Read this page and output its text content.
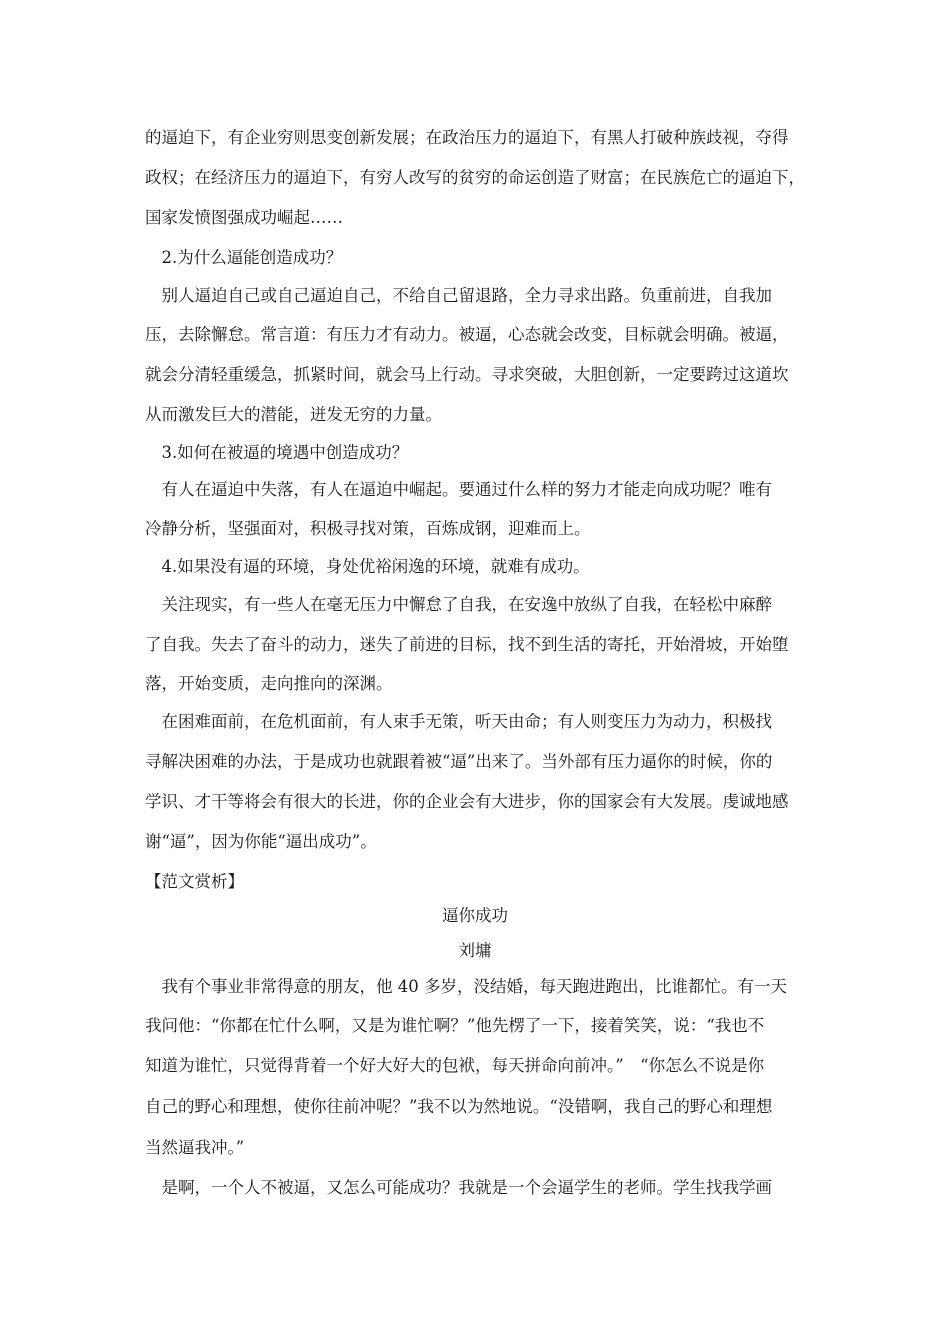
的逼迫下，有企业穷则思变创新发展；在政治压力的逼迫下，有黑人打破种族歧视，夺得
政权；在经济压力的逼迫下，有穷人改写的贫穷的命运创造了财富；在民族危亡的逼迫下，
国家发愤图强成功崛起……
　2.为什么逼能创造成功？
　别人逼迫自己或自己逼迫自己，不给自己留退路，全力寻求出路。负重前进，自我加
压，去除懈怠。常言道：有压力才有动力。被逼，心态就会改变，目标就会明确。被逼，
就会分清轻重缓急，抓紧时间，就会马上行动。寻求突破，大胆创新，一定要跨过这道坎
从而激发巨大的潜能，迸发无穷的力量。
　3.如何在被逼的境遇中创造成功？
　有人在逼迫中失落，有人在逼迫中崛起。要通过什么样的努力才能走向成功呢？唯有
冷静分析，坚强面对，积极寻找对策，百炼成钢，迎难而上。
　4.如果没有逼的环境，身处优裕闲逸的环境，就难有成功。
　关注现实，有一些人在毫无压力中懈怠了自我，在安逸中放纵了自我，在轻松中麻醉
了自我。失去了奋斗的动力，迷失了前进的目标，找不到生活的寄托，开始滑坡，开始堕
落，开始变质，走向推向的深渊。
　在困难面前，在危机面前，有人束手无策，听天由命；有人则变压力为动力，积极找
寻解决困难的办法，于是成功也就跟着被“逼”出来了。当外部有压力逼你的时候，你的
学识、才干等将会有很大的长进，你的企业会有大进步，你的国家会有大发展。虔诚地感
谢“逼”，因为你能“逼出成功”。
【范文赏析】
逼你成功
刘墉
　我有个事业非常得意的朋友，他 40 多岁，没结婚，每天跑进跑出，比谁都忙。有一天
我问他：“你都在忙什么啊，又是为谁忙啊？”他先楞了一下，接着笑笑，说：“我也不
知道为谁忙，只觉得背着一个好大好大的包袱，每天拼命向前冲。”　“你怎么不说是你
自己的野心和理想，使你往前冲呢？”我不以为然地说。“没错啊，我自己的野心和理想
当然逼我冲。”
　是啊，一个人不被逼，又怎么可能成功？我就是一个会逼学生的老师。学生找我学画
